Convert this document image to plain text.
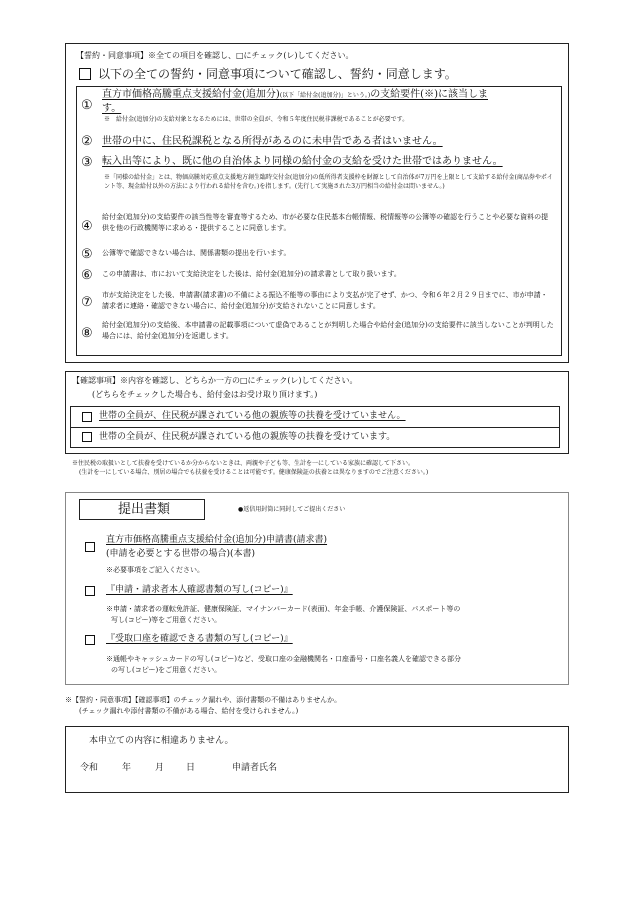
【誓約・同意事項】※全ての項目を確認し、□にチェック(レ)してください。
以下の全ての誓約・同意事項について確認し、誓約・同意します。
①
直方市価格高騰重点支援給付金(追加分)(以下「給付金(追加分)」という。)の支給要件(※)に該当しま
す。
※　給付金(追加分)の支給対象となるためには、世帯の全員が、令和５年度住民税非課税であることが必要です。
② 世帯の中に、住民税課税となる所得があるのに未申告である者はいません。
③ 転入出等により、既に他の自治体より同様の給付金の支給を受けた世帯ではありません。
※「同様の給付金」とは、物価高騰対応重点支援地方創生臨時交付金(追加分)の低所得者支援枠を財源として自治体が7万円を上限として支給する給付金(商品券やポイント等、現金給付以外の方法により行われる給付を含む。)を指します。(先行して実施された3万円相当の給付金は問いません。)
④
給付金(追加分)の支給要件の該当性等を審査等するため、市が必要な住民基本台帳情報、税情報等の公簿等の確認を行うことや必要な資料の提供を他の行政機関等に求める・提供することに同意します。
⑤ 公簿等で確認できない場合は、関係書類の提出を行います。
⑥ この申請書は、市において支給決定をした後は、給付金(追加分)の請求書として取り扱います。
⑦ 市が支給決定をした後、申請書(請求書)の不備による振込不能等の事由により支払が完了せず、かつ、令和６年２月２９日までに、市が申請・請求者に連絡・確認できない場合に、給付金(追加分)が支給されないことに同意します。
⑧
給付金(追加分)の支給後、本申請書の記載事項について虚偽であることが判明した場合や給付金(追加分)の支給要件に該当しないことが判明した場合には、給付金(追加分)を返還します。
【確認事項】※内容を確認し、どちらか一方の□にチェック(レ)してください。
(どちらをチェックした場合も、給付金はお受け取り頂けます。)
世帯の全員が、住民税が課されている他の親族等の扶養を受けていません。
世帯の全員が、住民税が課されている他の親族等の扶養を受けています。
※住民税の取扱いとして扶養を受けているか分からないときは、両親や子ども等、生計を一にしている家族に確認して下さい。
(生計を一にしている場合、別居の場合でも扶養を受けることは可能です。健康保険証の扶養とは異なりますのでご注意ください。)
提出書類	●返信用封筒に同封してご提出ください
直方市価格高騰重点支援給付金(追加分)申請書(請求書)
(申請を必要とする世帯の場合)(本書)
※必要事項をご記入ください。
『申請・請求者本人確認書類の写し(コピー)』
※申請・請求者の運転免許証、健康保険証、マイナンバーカード(表面)、年金手帳、介護保険証、パスポート等の
写し(コピー)等をご用意ください。
『受取口座を確認できる書類の写し(コピー)』
※通帳やキャッシュカードの写し(コピー)など、受取口座の金融機関名・口座番号・口座名義人を確認できる部分
の写し(コピー)をご用意ください。
※【誓約・同意事項】【確認事項】のチェック漏れや、添付書類の不備はありませんか。
(チェック漏れや添付書類の不備がある場合、給付を受けられません。)
本申立ての内容に相違ありません。
令和	年	月 日	申請者氏名
